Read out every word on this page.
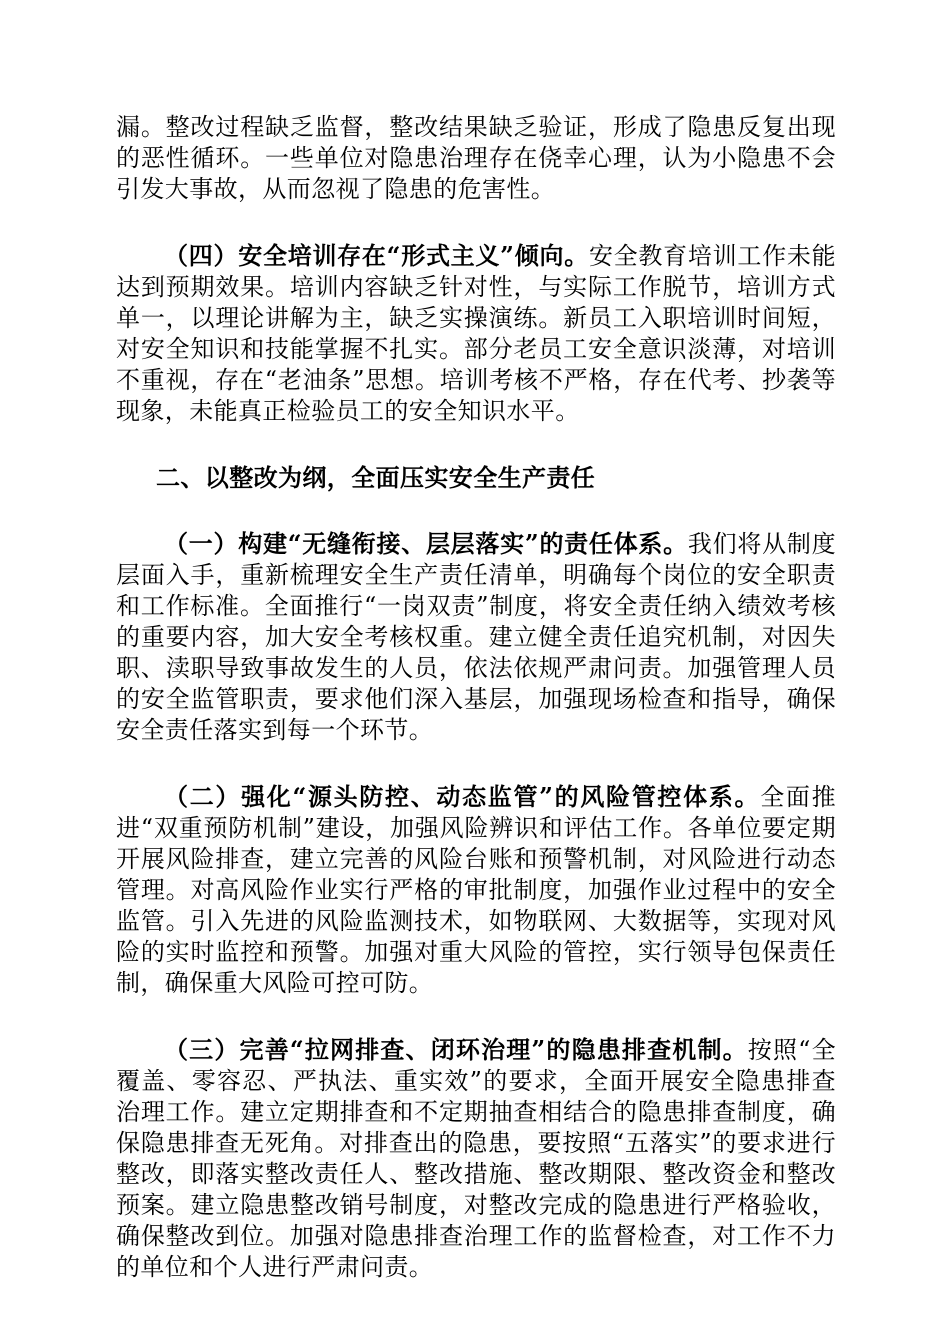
漏。整改过程缺乏监督，整改结果缺乏验证，形成了隐患反复出现的恶性循环。一些单位对隐患治理存在侥幸心理，认为小隐患不会引发大事故，从而忽视了隐患的危害性。

（四）安全培训存在“形式主义”倾向。安全教育培训工作未能达到预期效果。培训内容缺乏针对性，与实际工作脱节，培训方式单一，以理论讲解为主，缺乏实操演练。新员工入职培训时间短，对安全知识和技能掌握不扎实。部分老员工安全意识淡薄，对培训不重视，存在“老油条”思想。培训考核不严格，存在代考、抄袭等现象，未能真正检验员工的安全知识水平。

二、以整改为纲，全面压实安全生产责任

（一）构建“无缝衔接、层层落实”的责任体系。我们将从制度层面入手，重新梳理安全生产责任清单，明确每个岗位的安全职责和工作标准。全面推行“一岗双责”制度，将安全责任纳入绩效考核的重要内容，加大安全考核权重。建立健全责任追究机制，对因失职、渎职导致事故发生的人员，依法依规严肃问责。加强管理人员的安全监管职责，要求他们深入基层，加强现场检查和指导，确保安全责任落实到每一个环节。

（二）强化“源头防控、动态监管”的风险管控体系。全面推进“双重预防机制”建设，加强风险辨识和评估工作。各单位要定期开展风险排查，建立完善的风险台账和预警机制，对风险进行动态管理。对高风险作业实行严格的审批制度，加强作业过程中的安全监管。引入先进的风险监测技术，如物联网、大数据等，实现对风险的实时监控和预警。加强对重大风险的管控，实行领导包保责任制，确保重大风险可控可防。

（三）完善“拉网排查、闭环治理”的隐患排查机制。按照“全覆盖、零容忍、严执法、重实效”的要求，全面开展安全隐患排查治理工作。建立定期排查和不定期抽查相结合的隐患排查制度，确保隐患排查无死角。对排查出的隐患，要按照“五落实”的要求进行整改，即落实整改责任人、整改措施、整改期限、整改资金和整改预案。建立隐患整改销号制度，对整改完成的隐患进行严格验收，确保整改到位。加强对隐患排查治理工作的监督检查，对工作不力的单位和个人进行严肃问责。
